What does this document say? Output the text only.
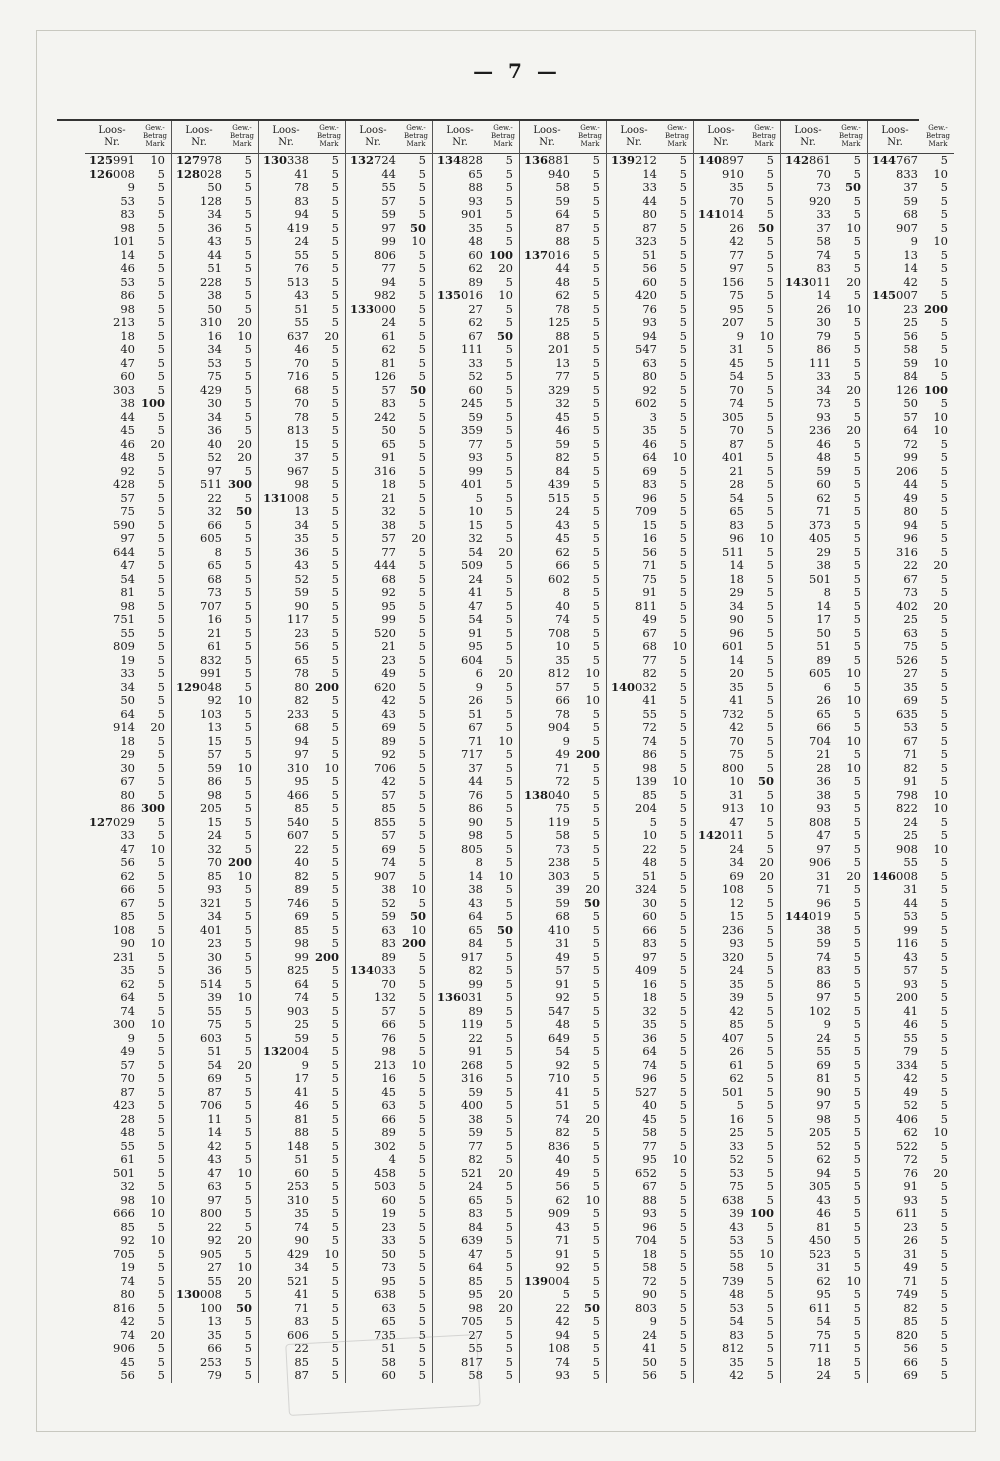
— 7 —
Loos-
Nr.
Gew.-
Betrag
Mark
125991	10
126008	5
9	5
53	5
83	5
98	5
101	5
14	5
46	5
53	5
86	5
98	5
213	5
18	5
40	5
47	5
60	5
303	5
38 100
44	5
45	5
46	20
48	5
92	5
428	5
57	5
75	5
590	5
97	5
644	5
47	5
54	5
81	5
98	5
751	5
55	5
809	5
19	5
33	5
34	5
50	5
64	5
914	20
18	5
29	5
30	5
67	5
80	5
86 300
127029	5
33	5
47	10
56	5
62	5
66	5
67	5
85	5
108	5
90	10
231	5
35	5
62	5
64	5
74	5
300	10
9	5
49	5
57	5
70	5
87	5
423	5
28	5
48	5
55	5
61	5
501	5
32	5
98	10
666	10
85	5
92	10
705	5
19	5
74	5
80	5
816	5
42	5
74	20
906	5
45	5
56	5
Loos-
Nr.
Gew.-
Betrag
Mark
127978	5
128028	5
50	5
128	5
34	5
36	5
43	5
44	5
51	5
228	5
38	5
50	5
310	20
16	10
34	5
53	5
75	5
429	5
30	5
34	5
36	5
40	20
52	20
97	5
511 300
22	5
32	50
66	5
605	5
8	5
65	5
68	5
73	5
707	5
16	5
21	5
61	5
832	5
991	5
129048	5
92	10
103	5
13	5
15	5
57	5
59	10
86	5
98	5
205	5
15	5
24	5
32	5
70 200
85	10
93	5
321	5
34	5
401	5
23	5
30	5
36	5
514	5
39	10
55	5
75	5
603	5
51	5
54	20
69	5
87	5
706	5
11	5
14	5
42	5
43	5
47	10
63	5
97	5
800	5
22	5
92	20
905	5
27	10
55	20
130008	5
100	50
13	5
35	5
66	5
253	5
79	5
Loos-
Nr.
Gew.-
Betrag
Mark
130338	5
41	5
78	5
83	5
94	5
419	5
24	5
55	5
76	5
513	5
43	5
51	5
55	5
637	20
46	5
70	5
716	5
68	5
70	5
78	5
813	5
15	5
37	5
967	5
98	5
131008	5
13	5
34	5
35	5
36	5
43	5
52	5
59	5
90	5
117	5
23	5
56	5
65	5
78	5
80 200
82	5
233	5
68	5
94	5
97	5
310	10
95	5
466	5
85	5
540	5
607	5
22	5
40	5
82	5
89	5
746	5
69	5
85	5
98	5
99 200
825	5
64	5
74	5
903	5
25	5
59	5
132004	5
9	5
17	5
41	5
46	5
81	5
88	5
148	5
51	5
60	5
253	5
310	5
35	5
74	5
90	5
429	10
34	5
521	5
41	5
71	5
83	5
606	5
22	5
85	5
87	5
Loos-
Nr.
Gew.-
Betrag
Mark
132724	5
44	5
55	5
57	5
59	5
97	50
99	10
806	5
77	5
94	5
982	5
133000	5
24	5
61	5
62	5
81	5
126	5
57	50
83	5
242	5
50	5
65	5
91	5
316	5
18	5
21	5
32	5
38	5
57	20
77	5
444	5
68	5
92	5
95	5
99	5
520	5
21	5
23	5
49	5
620	5
42	5
43	5
69	5
89	5
92	5
706	5
42	5
57	5
85	5
855	5
57	5
69	5
74	5
907	5
38	10
52	5
59	50
63	10
83 200
89	5
134033	5
70	5
132	5
57	5
66	5
76	5
98	5
213	10
16	5
45	5
63	5
66	5
89	5
302	5
4	5
458	5
503	5
60	5
19	5
23	5
33	5
50	5
73	5
95	5
638	5
63	5
65	5
735	5
51	5
58	5
60	5
Loos-
Nr.
Gew.-
Betrag
Mark
134828	5
65	5
88	5
93	5
901	5
35	5
48	5
60 100
62	20
89	5
135016	10
27	5
62	5
67	50
111	5
33	5
52	5
60	5
245	5
59	5
359	5
77	5
93	5
99	5
401	5
5	5
10	5
15	5
32	5
54	20
509	5
24	5
41	5
47	5
54	5
91	5
95	5
604	5
6	20
9	5
26	5
51	5
67	5
71	10
717	5
37	5
44	5
76	5
86	5
90	5
98	5
805	5
8	5
14	10
38	5
43	5
64	5
65	50
84	5
917	5
82	5
99	5
136031	5
89	5
119	5
22	5
91	5
268	5
316	5
59	5
400	5
38	5
59	5
77	5
82	5
521	20
24	5
65	5
83	5
84	5
639	5
47	5
64	5
85	5
95	20
98	20
705	5
27	5
55	5
817	5
58	5
Loos-
Nr.
Gew.-
Betrag
Mark
136881	5
940	5
58	5
59	5
64	5
87	5
88	5
137016	5
44	5
48	5
62	5
78	5
125	5
88	5
201	5
13	5
77	5
329	5
32	5
45	5
46	5
59	5
82	5
84	5
439	5
515	5
24	5
43	5
45	5
62	5
66	5
602	5
8	5
40	5
74	5
708	5
10	5
35	5
812	10
57	5
66	10
78	5
904	5
9	5
49 200
71	5
72	5
138040	5
75	5
119	5
58	5
73	5
238	5
303	5
39	20
59	50
68	5
410	5
31	5
49	5
57	5
91	5
92	5
547	5
48	5
649	5
54	5
92	5
710	5
41	5
51	5
74	20
82	5
836	5
40	5
49	5
56	5
62	10
909	5
43	5
71	5
91	5
92	5
139004	5
5	5
22	50
42	5
94	5
108	5
74	5
93	5
Loos-
Nr.
Gew.-
Betrag
Mark
139212	5
14	5
33	5
44	5
80	5
87	5
323	5
51	5
56	5
60	5
420	5
76	5
93	5
94	5
547	5
63	5
80	5
92	5
602	5
3	5
35	5
46	5
64	10
69	5
83	5
96	5
709	5
15	5
16	5
56	5
71	5
75	5
91	5
811	5
49	5
67	5
68	10
77	5
82	5
140032	5
41	5
55	5
72	5
74	5
86	5
98	5
139	10
85	5
204	5
5	5
10	5
22	5
48	5
51	5
324	5
30	5
60	5
66	5
83	5
97	5
409	5
16	5
18	5
32	5
35	5
36	5
64	5
74	5
96	5
527	5
40	5
45	5
58	5
77	5
95	10
652	5
67	5
88	5
93	5
96	5
704	5
18	5
58	5
72	5
90	5
803	5
9	5
24	5
41	5
50	5
56	5
Loos-
Nr.
Gew.-
Betrag
Mark
140897	5
910	5
35	5
70	5
141014	5
26	50
42	5
77	5
97	5
156	5
75	5
95	5
207	5
9	10
31	5
45	5
54	5
70	5
74	5
305	5
70	5
87	5
401	5
21	5
28	5
54	5
65	5
83	5
96	10
511	5
14	5
18	5
29	5
34	5
90	5
96	5
601	5
14	5
20	5
35	5
41	5
732	5
42	5
70	5
75	5
800	5
10	50
31	5
913	10
47	5
142011	5
24	5
34	20
69	20
108	5
12	5
15	5
236	5
93	5
320	5
24	5
35	5
39	5
42	5
85	5
407	5
26	5
61	5
62	5
501	5
5	5
16	5
25	5
33	5
52	5
53	5
75	5
638	5
39 100
43	5
53	5
55	10
58	5
739	5
48	5
53	5
54	5
83	5
812	5
35	5
42	5
Loos-
Nr.
Gew.-
Betrag
Mark
142861	5
70	5
73	50
920	5
33	5
37	10
58	5
74	5
83	5
143011	20
14	5
26	10
30	5
79	5
86	5
111	5
33	5
34	20
73	5
93	5
236	20
46	5
48	5
59	5
60	5
62	5
71	5
373	5
405	5
29	5
38	5
501	5
8	5
14	5
17	5
50	5
51	5
89	5
605	10
6	5
26	10
65	5
66	5
704	10
21	5
28	10
36	5
38	5
93	5
808	5
47	5
97	5
906	5
31	20
71	5
96	5
144019	5
38	5
59	5
74	5
83	5
86	5
97	5
102	5
9	5
24	5
55	5
69	5
81	5
90	5
97	5
98	5
205	5
52	5
62	5
94	5
305	5
43	5
46	5
81	5
450	5
523	5
31	5
62	10
95	5
611	5
54	5
75	5
711	5
18	5
24	5
Loos-
Nr.
Gew.-
Betrag
Mark
144767	5
833	10
37	5
59	5
68	5
907	5
9	10
13	5
14	5
42	5
145007	5
23 200
25	5
56	5
58	5
59	10
84	5
126 100
50	5
57	10
64	10
72	5
99	5
206	5
44	5
49	5
80	5
94	5
96	5
316	5
22	20
67	5
73	5
402	20
25	5
63	5
75	5
526	5
27	5
35	5
69	5
635	5
53	5
67	5
71	5
82	5
91	5
798	10
822	10
24	5
25	5
908	10
55	5
146008	5
31	5
44	5
53	5
99	5
116	5
43	5
57	5
93	5
200	5
41	5
46	5
55	5
79	5
334	5
42	5
49	5
52	5
406	5
62	10
522	5
72	5
76	20
91	5
93	5
611	5
23	5
26	5
31	5
49	5
71	5
749	5
82	5
85	5
820	5
56	5
66	5
69	5
